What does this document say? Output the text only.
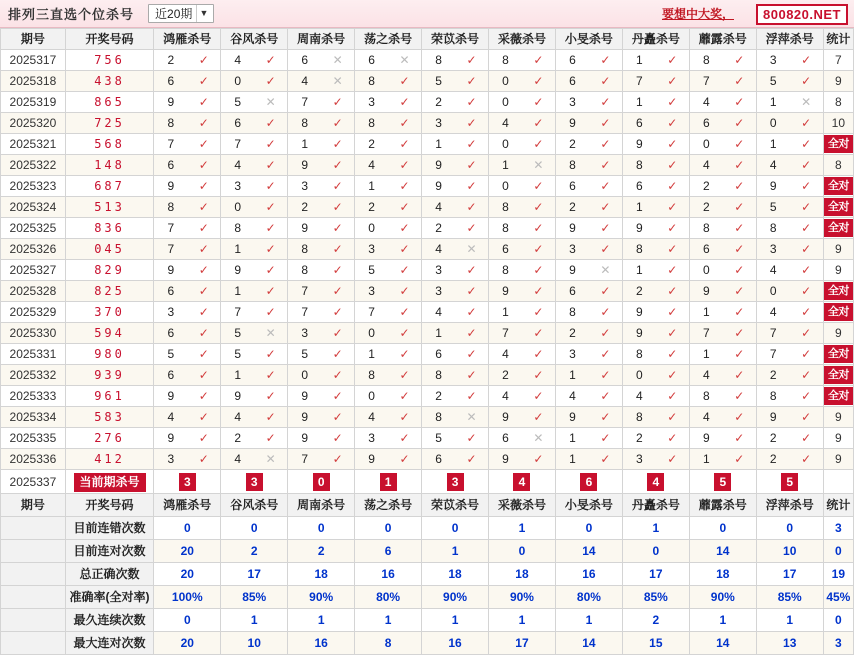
排列三直选个位杀号 近20期 ▼	要想中大奖，	800820.NET
期号	开奖号码	鸿雁杀号	谷风杀号	周南杀号	荡之杀号	荣苡杀号	采薇杀号	小旻杀号	丹矗杀号	蘼露杀号	浮萍杀号	统计
2025317	756	2 ✓	4 ✓	6 ✕	6 ✕	8 ✓	8 ✓	6 ✓	1 ✓	8 ✓	3 ✓	7
2025318	438	6 ✓	0 ✓	4 ✕	8 ✓	5 ✓	0 ✓	6 ✓	7 ✓	7 ✓	5 ✓	9
2025319	865	9 ✓	5 ✕	7 ✓	3 ✓	2 ✓	0 ✓	3 ✓	1 ✓	4 ✓	1 ✕	8
2025320	725	8 ✓	6 ✓	8 ✓	8 ✓	3 ✓	4 ✓	9 ✓	6 ✓	6 ✓	0 ✓	10
2025321	568	7 ✓	7 ✓	1 ✓	2 ✓	1 ✓	0 ✓	2 ✓	9 ✓	0 ✓	1 ✓	全对

2025322	148	6 ✓	4 ✓	9 ✓	4 ✓	9 ✓	1 ✕	8 ✓	8 ✓	4 ✓	4 ✓	8
2025323	687	9 ✓	3 ✓	3 ✓	1 ✓	9 ✓	0 ✓	6 ✓	6 ✓	2 ✓	9 ✓	全对

2025324	513	8 ✓	0 ✓	2 ✓	2 ✓	4 ✓	8 ✓	2 ✓	1 ✓	2 ✓	5 ✓	全对

2025325	836	7 ✓	8 ✓	9 ✓	0 ✓	2 ✓	8 ✓	9 ✓	9 ✓	8 ✓	8 ✓	全对

2025326	045	7 ✓	1 ✓	8 ✓	3 ✓	4 ✕	6 ✓	3 ✓	8 ✓	6 ✓	3 ✓	9
2025327	829	9 ✓	9 ✓	8 ✓	5 ✓	3 ✓	8 ✓	9 ✕	1 ✓	0 ✓	4 ✓	9
2025328	825	6 ✓	1 ✓	7 ✓	3 ✓	3 ✓	9 ✓	6 ✓	2 ✓	9 ✓	0 ✓	全对

2025329	370	3 ✓	7 ✓	7 ✓	7 ✓	4 ✓	1 ✓	8 ✓	9 ✓	1 ✓	4 ✓	全对

2025330	594	6 ✓	5 ✕	3 ✓	0 ✓	1 ✓	7 ✓	2 ✓	9 ✓	7 ✓	7 ✓	9
2025331	980	5 ✓	5 ✓	5 ✓	1 ✓	6 ✓	4 ✓	3 ✓	8 ✓	1 ✓	7 ✓	全对

2025332	939	6 ✓	1 ✓	0 ✓	8 ✓	8 ✓	2 ✓	1 ✓	0 ✓	4 ✓	2 ✓	全对

2025333	961	9 ✓	9 ✓	9 ✓	0 ✓	2 ✓	4 ✓	4 ✓	4 ✓	8 ✓	8 ✓	全对

2025334	583	4 ✓	4 ✓	9 ✓	4 ✓	8 ✕	9 ✓	9 ✓	8 ✓	4 ✓	9 ✓	9
2025335	276	9 ✓	2 ✓	9 ✓	3 ✓	5 ✓	6 ✕	1 ✓	2 ✓	9 ✓	2 ✓	9
2025336	412	3 ✓	4 ✕	7 ✓	9 ✓	6 ✓	9 ✓	1 ✓	3 ✓	1 ✓	2 ✓	9
2025337	当前期杀号	3	3	0	1	3	4	6	4	5	5	
期号	开奖号码	鸿雁杀号	谷风杀号	周南杀号	荡之杀号	荣苡杀号	采薇杀号	小旻杀号	丹矗杀号	蘼露杀号	浮萍杀号	统计
	目前连错次数	0	0	0	0	0	1	0	1	0	0	3
	目前连对次数	20	2	2	6	1	0	14	0	14	10	0
	总正确次数	20	17	18	16	18	18	16	17	18	17	19
	准确率(全对率)	100%	85%	90%	80%	90%	90%	80%	85%	90%	85%	45%
	最久连续次数	0	1	1	1	1	1	1	2	1	1	0
	最大连对次数	20	10	16	8	16	17	14	15	14	13	3
